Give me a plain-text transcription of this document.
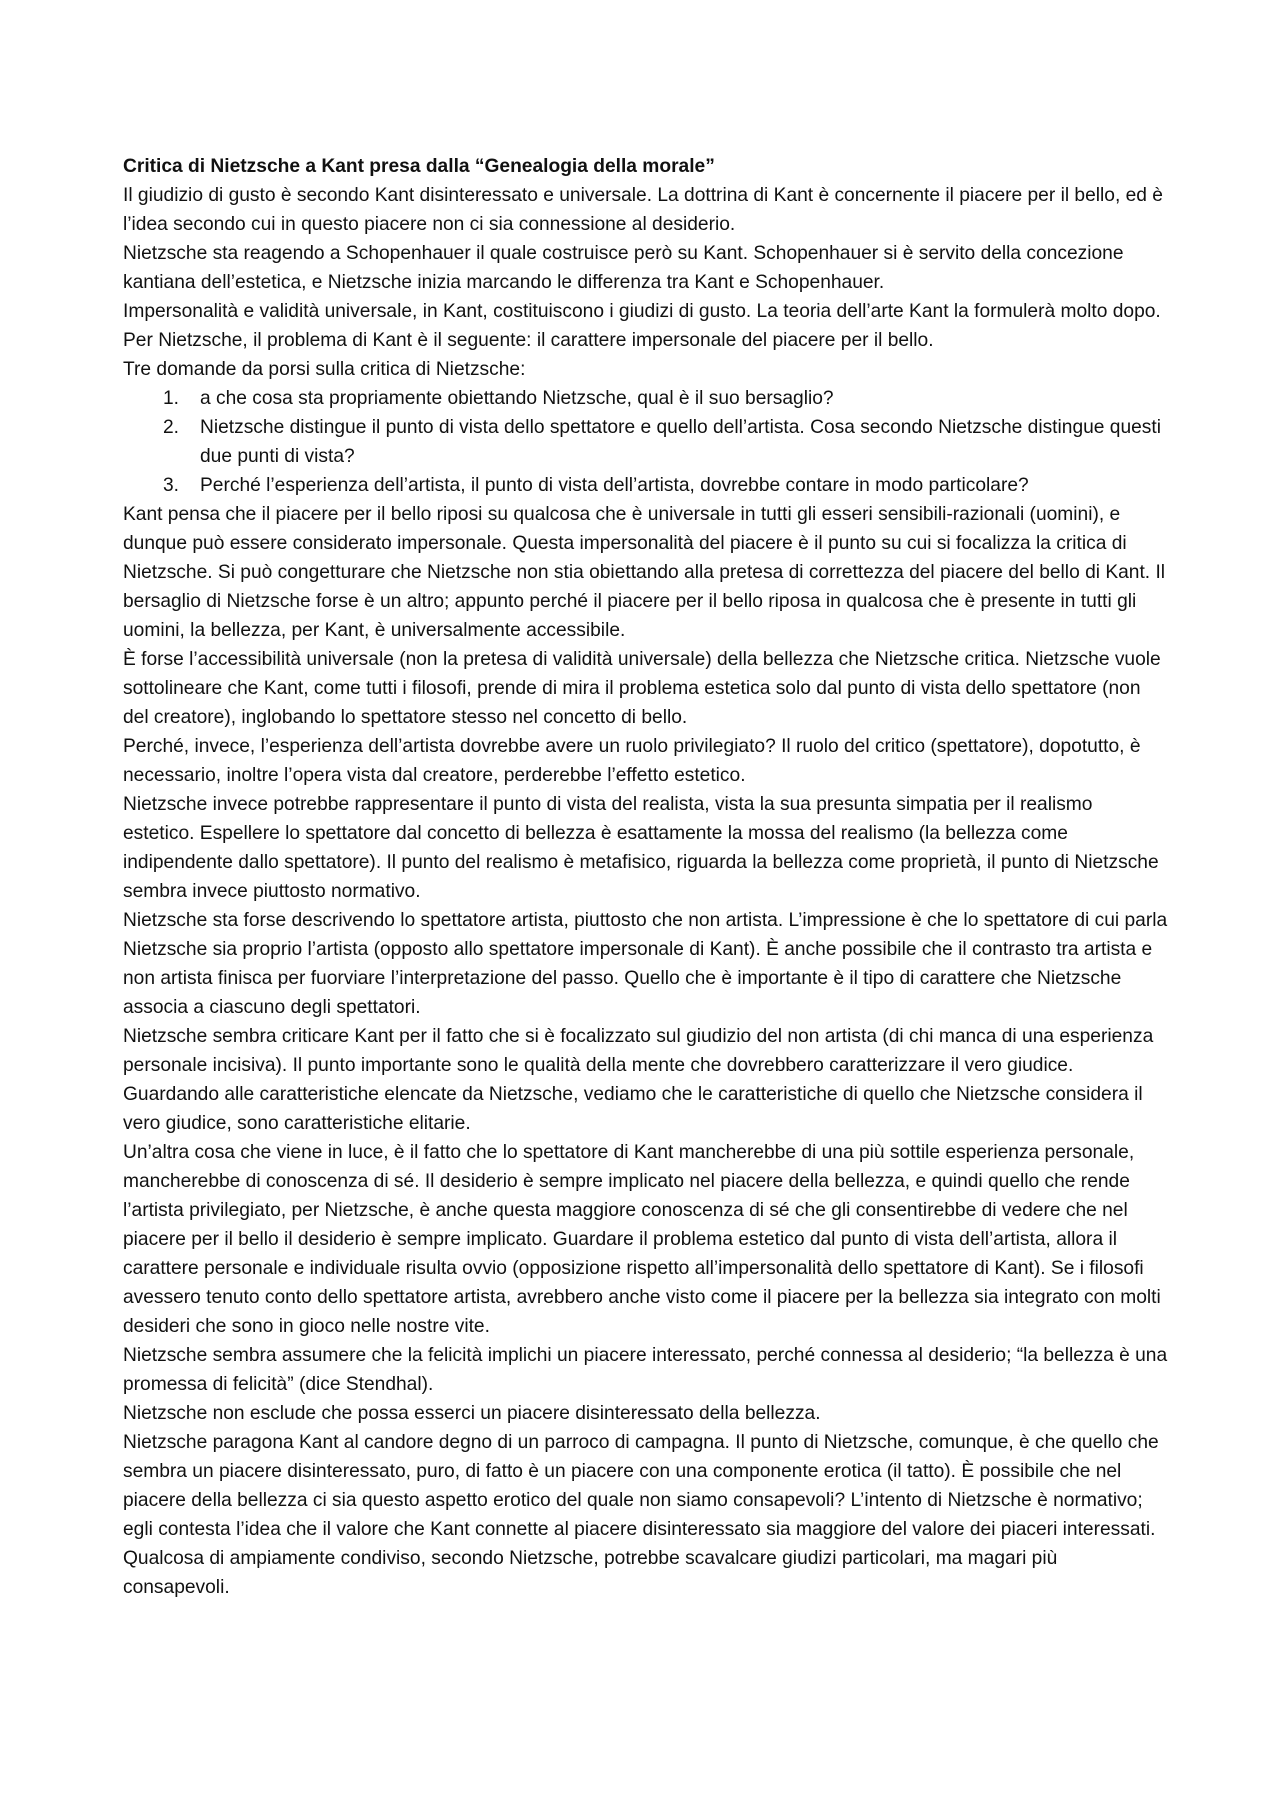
Critica di Nietzsche a Kant presa dalla “Genealogia della morale”

Il giudizio di gusto è secondo Kant disinteressato e universale. La dottrina di Kant è concernente il piacere per il bello, ed è l’idea secondo cui in questo piacere non ci sia connessione al desiderio.

Nietzsche sta reagendo a Schopenhauer il quale costruisce però su Kant. Schopenhauer si è servito della concezione kantiana dell’estetica, e Nietzsche inizia marcando le differenza tra Kant e Schopenhauer.

Impersonalità e validità universale, in Kant, costituiscono i giudizi di gusto. La teoria dell’arte Kant la formulerà molto dopo.

Per Nietzsche, il problema di Kant è il seguente: il carattere impersonale del piacere per il bello.

Tre domande da porsi sulla critica di Nietzsche:

1. a che cosa sta propriamente obiettando Nietzsche, qual è il suo bersaglio?
2. Nietzsche distingue il punto di vista dello spettatore e quello dell’artista. Cosa secondo Nietzsche distingue questi due punti di vista?
3. Perché l’esperienza dell’artista, il punto di vista dell’artista, dovrebbe contare in modo particolare?

Kant pensa che il piacere per il bello riposi su qualcosa che è universale in tutti gli esseri sensibili-razionali (uomini), e dunque può essere considerato impersonale. Questa impersonalità del piacere è il punto su cui si focalizza la critica di Nietzsche. Si può congetturare che Nietzsche non stia obiettando alla pretesa di correttezza del piacere del bello di Kant. Il bersaglio di Nietzsche forse è un altro; appunto perché il piacere per il bello riposa in qualcosa che è presente in tutti gli uomini, la bellezza, per Kant, è universalmente accessibile.

È forse l’accessibilità universale (non la pretesa di validità universale) della bellezza che Nietzsche critica. Nietzsche vuole sottolineare che Kant, come tutti i filosofi, prende di mira il problema estetica solo dal punto di vista dello spettatore (non del creatore), inglobando lo spettatore stesso nel concetto di bello.

Perché, invece, l’esperienza dell’artista dovrebbe avere un ruolo privilegiato? Il ruolo del critico (spettatore), dopotutto, è necessario, inoltre l’opera vista dal creatore, perderebbe l’effetto estetico.

Nietzsche invece potrebbe rappresentare il punto di vista del realista, vista la sua presunta simpatia per il realismo estetico. Espellere lo spettatore dal concetto di bellezza è esattamente la mossa del realismo (la bellezza come indipendente dallo spettatore). Il punto del realismo è metafisico, riguarda la bellezza come proprietà, il punto di Nietzsche sembra invece piuttosto normativo.

Nietzsche sta forse descrivendo lo spettatore artista, piuttosto che non artista. L’impressione è che lo spettatore di cui parla Nietzsche sia proprio l’artista (opposto allo spettatore impersonale di Kant). È anche possibile che il contrasto tra artista e non artista finisca per fuorviare l’interpretazione del passo. Quello che è importante è il tipo di carattere che Nietzsche associa a ciascuno degli spettatori.

Nietzsche sembra criticare Kant per il fatto che si è focalizzato sul giudizio del non artista (di chi manca di una esperienza personale incisiva). Il punto importante sono le qualità della mente che dovrebbero caratterizzare il vero giudice. Guardando alle caratteristiche elencate da Nietzsche, vediamo che le caratteristiche di quello che Nietzsche considera il vero giudice, sono caratteristiche elitarie.

Un’altra cosa che viene in luce, è il fatto che lo spettatore di Kant mancherebbe di una più sottile esperienza personale, mancherebbe di conoscenza di sé. Il desiderio è sempre implicato nel piacere della bellezza, e quindi quello che rende l’artista privilegiato, per Nietzsche, è anche questa maggiore conoscenza di sé che gli consentirebbe di vedere che nel piacere per il bello il desiderio è sempre implicato. Guardare il problema estetico dal punto di vista dell’artista, allora il carattere personale e individuale risulta ovvio (opposizione rispetto all’impersonalità dello spettatore di Kant). Se i filosofi avessero tenuto conto dello spettatore artista, avrebbero anche visto come il piacere per la bellezza sia integrato con molti desideri che sono in gioco nelle nostre vite.

Nietzsche sembra assumere che la felicità implichi un piacere interessato, perché connessa al desiderio; “la bellezza è una promessa di felicità” (dice Stendhal).

Nietzsche non esclude che possa esserci un piacere disinteressato della bellezza.

Nietzsche paragona Kant al candore degno di un parroco di campagna. Il punto di Nietzsche, comunque, è che quello che sembra un piacere disinteressato, puro, di fatto è un piacere con una componente erotica (il tatto). È possibile che nel piacere della bellezza ci sia questo aspetto erotico del quale non siamo consapevoli? L’intento di Nietzsche è normativo; egli contesta l’idea che il valore che Kant connette al piacere disinteressato sia maggiore del valore dei piaceri interessati. Qualcosa di ampiamente condiviso, secondo Nietzsche, potrebbe scavalcare giudizi particolari, ma magari più consapevoli.
